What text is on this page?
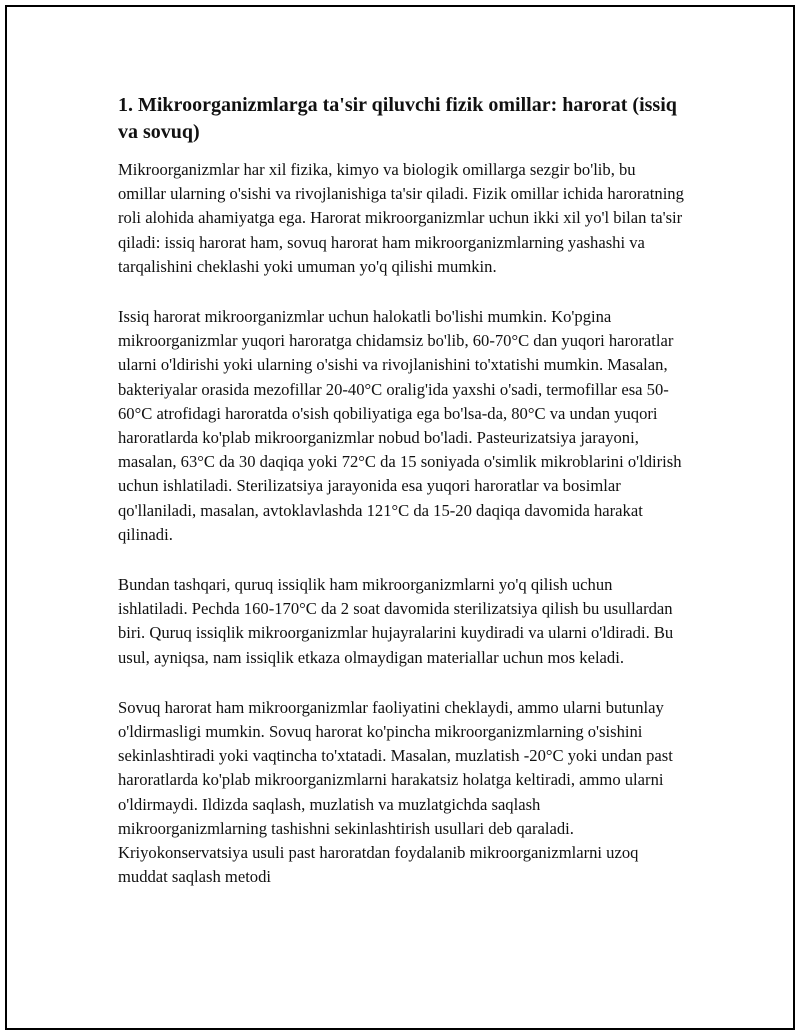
1. Mikroorganizmlarga ta'sir qiluvchi fizik omillar: harorat (issiq va sovuq)

Mikroorganizmlar har xil fizika, kimyo va biologik omillarga sezgir bo'lib, bu omillar ularning o'sishi va rivojlanishiga ta'sir qiladi. Fizik omillar ichida haroratning roli alohida ahamiyatga ega. Harorat mikroorganizmlar uchun ikki xil yo'l bilan ta'sir qiladi: issiq harorat ham, sovuq harorat ham mikroorganizmlarning yashashi va tarqalishini cheklashi yoki umuman yo'q qilishi mumkin.

Issiq harorat mikroorganizmlar uchun halokatli bo'lishi mumkin. Ko'pgina mikroorganizmlar yuqori haroratga chidamsiz bo'lib, 60-70°C dan yuqori haroratlar ularni o'ldirishi yoki ularning o'sishi va rivojlanishini to'xtatishi mumkin. Masalan, bakteriyalar orasida mezofillar 20-40°C oralig'ida yaxshi o'sadi, termofillar esa 50-60°C atrofidagi haroratda o'sish qobiliyatiga ega bo'lsa-da, 80°C va undan yuqori haroratlarda ko'plab mikroorganizmlar nobud bo'ladi. Pasteurizatsiya jarayoni, masalan, 63°C da 30 daqiqa yoki 72°C da 15 soniyada o'simlik mikroblarini o'ldirish uchun ishlatiladi. Sterilizatsiya jarayonida esa yuqori haroratlar va bosimlar qo'llaniladi, masalan, avtoklavlashda 121°C da 15-20 daqiqa davomida harakat qilinadi.

Bundan tashqari, quruq issiqlik ham mikroorganizmlarni yo'q qilish uchun ishlatiladi. Pechda 160-170°C da 2 soat davomida sterilizatsiya qilish bu usullardan biri. Quruq issiqlik mikroorganizmlar hujayralarini kuydiradi va ularni o'ldiradi. Bu usul, ayniqsa, nam issiqlik etkaza olmaydigan materiallar uchun mos keladi.

Sovuq harorat ham mikroorganizmlar faoliyatini cheklaydi, ammo ularni butunlay o'ldirmasligi mumkin. Sovuq harorat ko'pincha mikroorganizmlarning o'sishini sekinlashtiradi yoki vaqtincha to'xtatadi. Masalan, muzlatish -20°C yoki undan past haroratlarda ko'plab mikroorganizmlarni harakatsiz holatga keltiradi, ammo ularni o'ldirmaydi. Ildizda saqlash, muzlatish va muzlatgichda saqlash mikroorganizmlarning tashishni sekinlashtirish usullari deb qaraladi. Kriyokonservatsiya usuli past haroratdan foydalanib mikroorganizmlarni uzoq muddat saqlash metodi
